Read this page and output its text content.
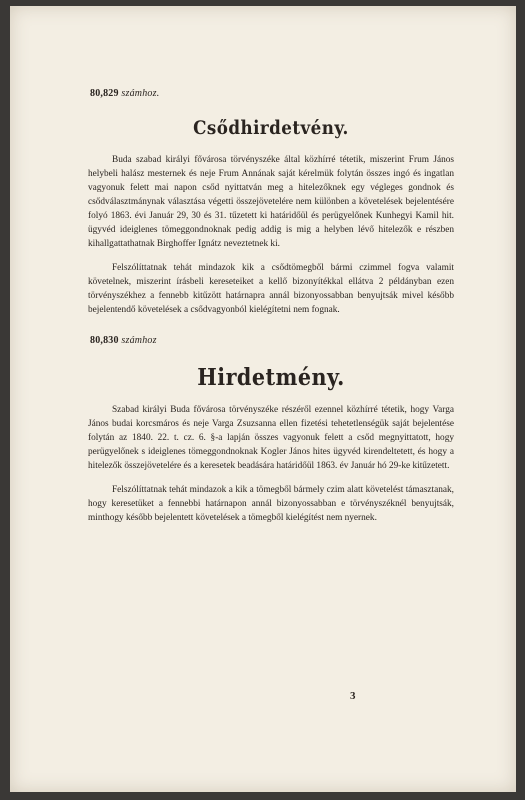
80,829 számhoz.
Csődhirdetvény.

Buda szabad királyi fővárosa törvényszéke által közhírré tétetik, miszerint Frum János helybeli halász mesternek és neje Frum Annának saját kérelmük folytán összes ingó és ingatlan vagyonuk felett mai napon csőd nyittatván meg a hitelezőknek egy végleges gondnok és csődválasztmánynak választása végetti összejövetelére nem különben a követelések bejelentésére folyó 1863. évi Január 29, 30 és 31. tűzetett ki határidőül és perügyelőnek Kunhegyi Kamil hit. ügyvéd ideiglenes tömeggondnoknak pedig addig is mig a helyben lévő hitelezők e részben kihallgattathatnak Birghoffer Ignátz neveztetnek ki.

Felszólíttatnak tehát mindazok kik a csődtömegből bármi czimmel fogva valamit követelnek, miszerint írásbeli kereseteiket a kellő bizonyítékkal ellátva 2 példányban ezen törvényszékhez a fennebb kitűzött határnapra annál bizonyossabban benyujtsák mivel később bejelentendő követelések a csődvagyonból kielégítetni nem fognak.

80,830 számhoz
Hirdetmény.

Szabad királyi Buda fővárosa törvényszéke részéről ezennel közhírré tétetik, hogy Varga János budai korcsmáros és neje Varga Zsuzsanna ellen fizetési tehetetlenségük saját bejelentése folytán az 1840. 22. t. cz. 6. §-a lapján összes vagyonuk felett a csőd megnyittatott, hogy perügyelőnek s ideiglenes tömeggondnoknak Kogler János hites ügyvéd kirendeltetett, és hogy a hitelezők összejövetelére és a keresetek beadására határidőül 1863. év Január hó 29-ke kitűzetett.

Felszólíttatnak tehát mindazok a kik a tömegből bármely czim alatt követelést támasztanak, hogy keresetüket a fennebbi határnapon annál bizonyossabban e törvényszéknél benyujtsák, minthogy később bejelentett követelések a tömegből kielégítést nem nyernek.

3
